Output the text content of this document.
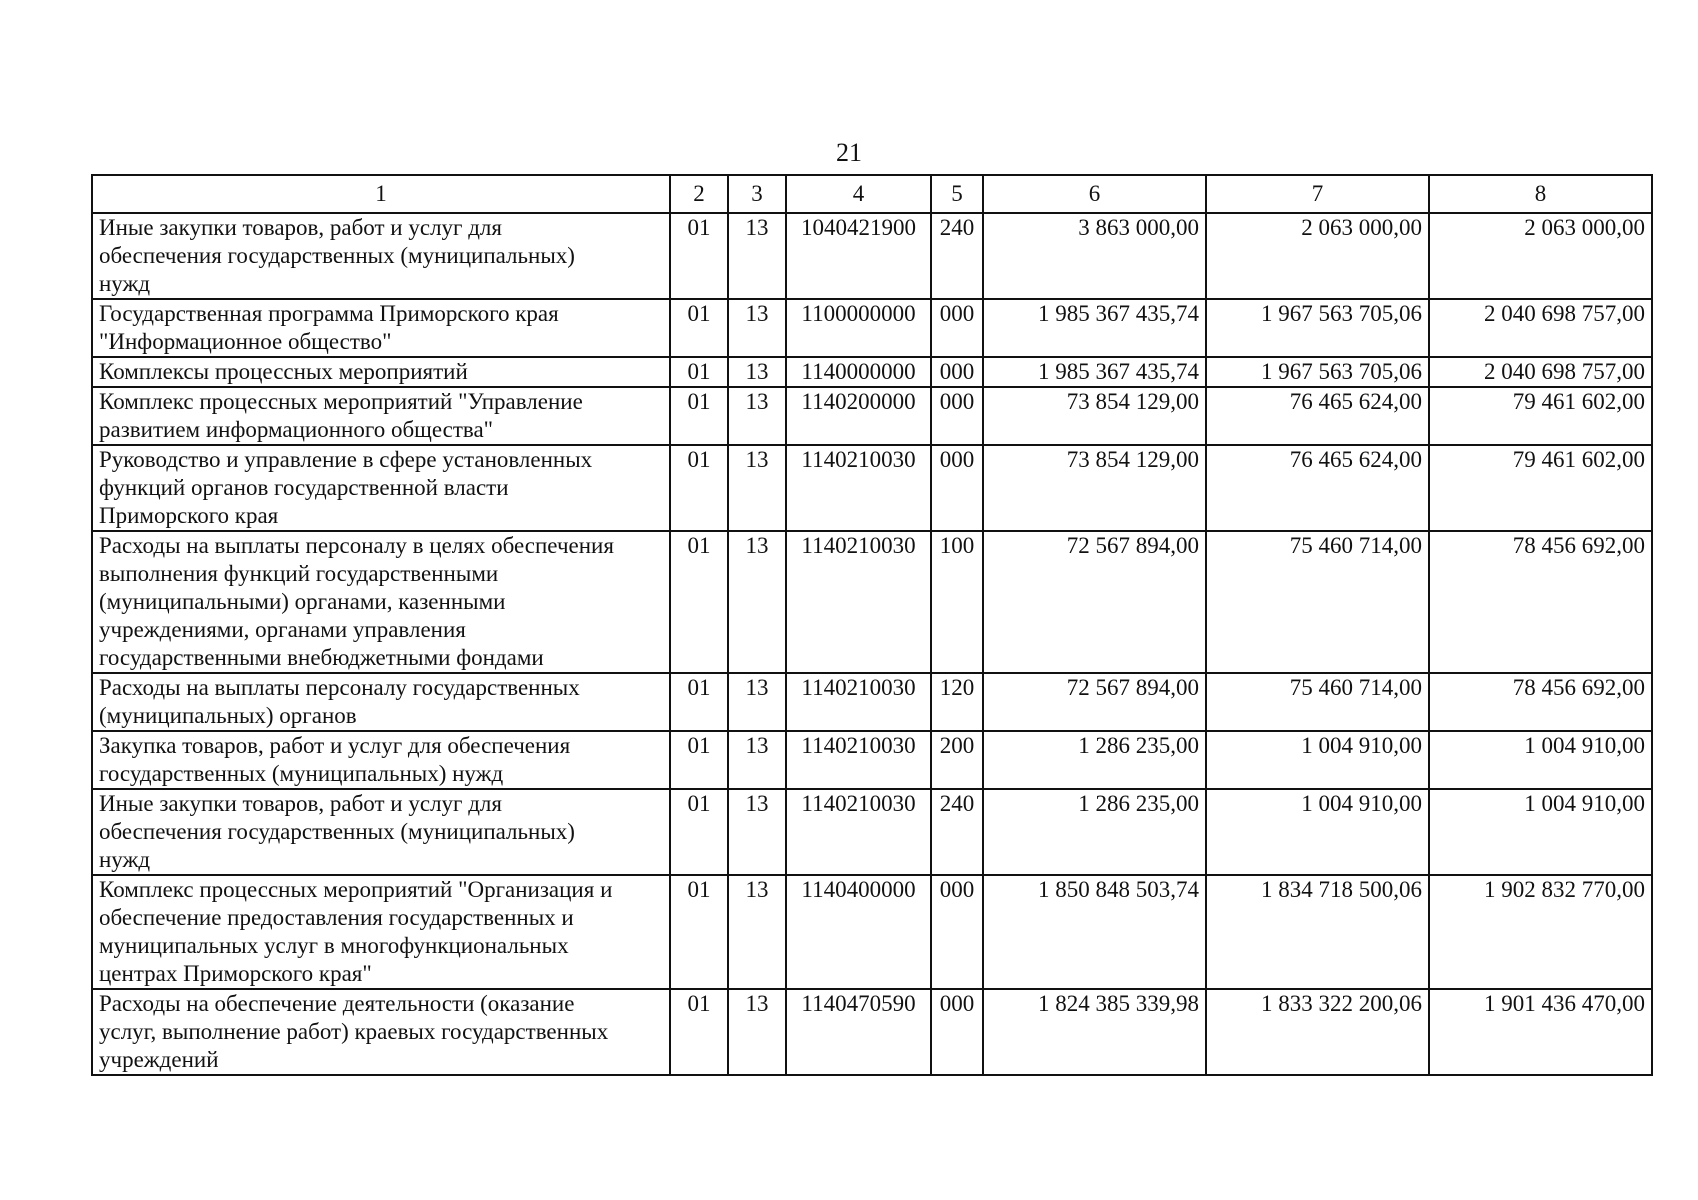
21
1	2	3	4	5	6	7	8
Иные закупки товаров, работ и услуг для
обеспечения государственных (муниципальных)
нужд	01	13	1040421900	240	3 863 000,00	2 063 000,00	2 063 000,00
Государственная программа Приморского края
"Информационное общество"	01	13	1100000000	000	1 985 367 435,74	1 967 563 705,06	2 040 698 757,00
Комплексы процессных мероприятий	01	13	1140000000	000	1 985 367 435,74	1 967 563 705,06	2 040 698 757,00
Комплекс процессных мероприятий "Управление
развитием информационного общества"	01	13	1140200000	000	73 854 129,00	76 465 624,00	79 461 602,00
Руководство и управление в сфере установленных
функций органов государственной власти
Приморского края	01	13	1140210030	000	73 854 129,00	76 465 624,00	79 461 602,00
Расходы на выплаты персоналу в целях обеспечения
выполнения функций государственными
(муниципальными) органами, казенными
учреждениями, органами управления
государственными внебюджетными фондами	01	13	1140210030	100	72 567 894,00	75 460 714,00	78 456 692,00
Расходы на выплаты персоналу государственных
(муниципальных) органов	01	13	1140210030	120	72 567 894,00	75 460 714,00	78 456 692,00
Закупка товаров, работ и услуг для обеспечения
государственных (муниципальных) нужд	01	13	1140210030	200	1 286 235,00	1 004 910,00	1 004 910,00
Иные закупки товаров, работ и услуг для
обеспечения государственных (муниципальных)
нужд	01	13	1140210030	240	1 286 235,00	1 004 910,00	1 004 910,00
Комплекс процессных мероприятий "Организация и
обеспечение предоставления государственных и
муниципальных услуг в многофункциональных
центрах Приморского края"	01	13	1140400000	000	1 850 848 503,74	1 834 718 500,06	1 902 832 770,00
Расходы на обеспечение деятельности (оказание
услуг, выполнение работ) краевых государственных
учреждений	01	13	1140470590	000	1 824 385 339,98	1 833 322 200,06	1 901 436 470,00
